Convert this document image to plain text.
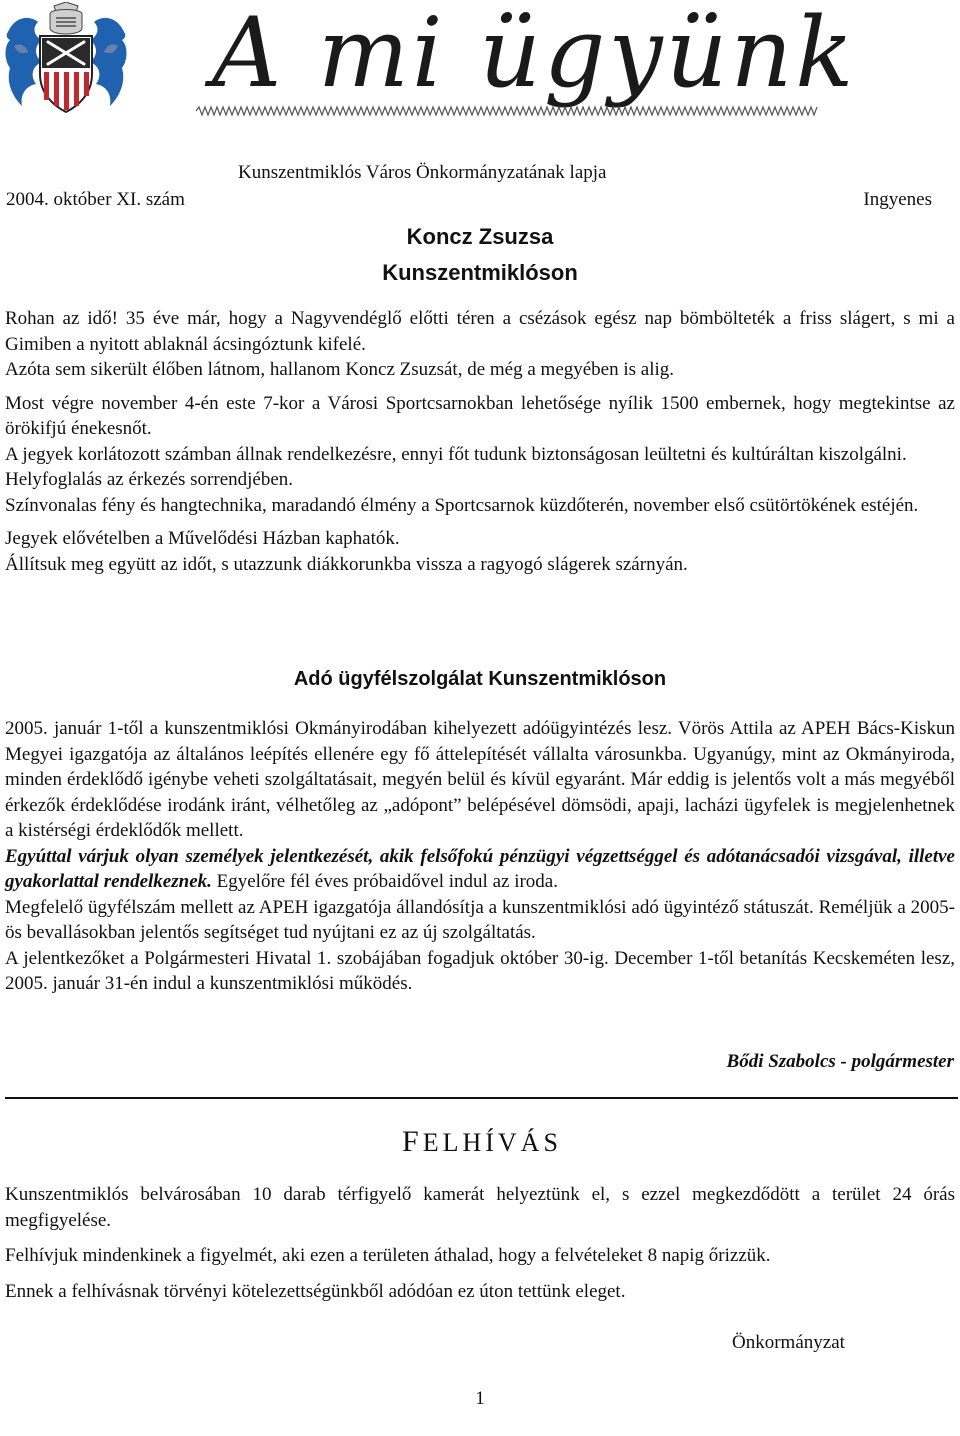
A mi ügyünk
Kunszentmiklós Város Önkormányzatának lapja
2004. október XI. szám	Ingyenes
Koncz Zsuzsa
Kunszentmiklóson

Rohan az idő! 35 éve már, hogy a Nagyvendéglő előtti téren a csézások egész nap bömbölteték a friss slágert, s mi a Gimiben a nyitott ablaknál ácsingóztunk kifelé.

Azóta sem sikerült élőben látnom, hallanom Koncz Zsuzsát, de még a megyében is alig.

Most végre november 4-én este 7-kor a Városi Sportcsarnokban lehetősége nyílik 1500 embernek, hogy megtekintse az örökifjú énekesnőt.

A jegyek korlátozott számban állnak rendelkezésre, ennyi főt tudunk biztonságosan leültetni és kultúráltan kiszolgálni.

Helyfoglalás az érkezés sorrendjében.

Színvonalas fény és hangtechnika, maradandó élmény a Sportcsarnok küzdőterén, november első csütörtökének estéjén.

Jegyek elővételben a Művelődési Házban kaphatók.

Állítsuk meg együtt az időt, s utazzunk diákkorunkba vissza a ragyogó slágerek szárnyán.

Adó ügyfélszolgálat Kunszentmiklóson

2005. január 1-től a kunszentmiklósi Okmányirodában kihelyezett adóügyintézés lesz. Vörös Attila az APEH Bács-Kiskun Megyei igazgatója az általános leépítés ellenére egy fő áttelepítését vállalta városunkba. Ugyanúgy, mint az Okmányiroda, minden érdeklődő igénybe veheti szolgáltatásait, megyén belül és kívül egyaránt. Már eddig is jelentős volt a más megyéből érkezők érdeklődése irodánk iránt, vélhetőleg az „adópont” belépésével dömsödi, apaji, lacházi ügyfelek is megjelenhetnek a kistérségi érdeklődők mellett.

Egyúttal várjuk olyan személyek jelentkezését, akik felsőfokú pénzügyi végzettséggel és adótanácsadói vizsgával, illetve gyakorlattal rendelkeznek. Egyelőre fél éves próbaidővel indul az iroda.

Megfelelő ügyfélszám mellett az APEH igazgatója állandósítja a kunszentmiklósi adó ügyintéző státuszát. Reméljük a 2005-ös bevallásokban jelentős segítséget tud nyújtani ez az új szolgáltatás.

A jelentkezőket a Polgármesteri Hivatal 1. szobájában fogadjuk október 30-ig. December 1-től betanítás Kecskeméten lesz, 2005. január 31-én indul a kunszentmiklósi működés.

Bődi Szabolcs - polgármester
FELHÍVÁS

Kunszentmiklós belvárosában 10 darab térfigyelő kamerát helyeztünk el, s ezzel megkezdődött a terület 24 órás megfigyelése.

Felhívjuk mindenkinek a figyelmét, aki ezen a területen áthalad, hogy a felvételeket 8 napig őrizzük.

Ennek a felhívásnak törvényi kötelezettségünkből adódóan ez úton tettünk eleget.

Önkormányzat
1
